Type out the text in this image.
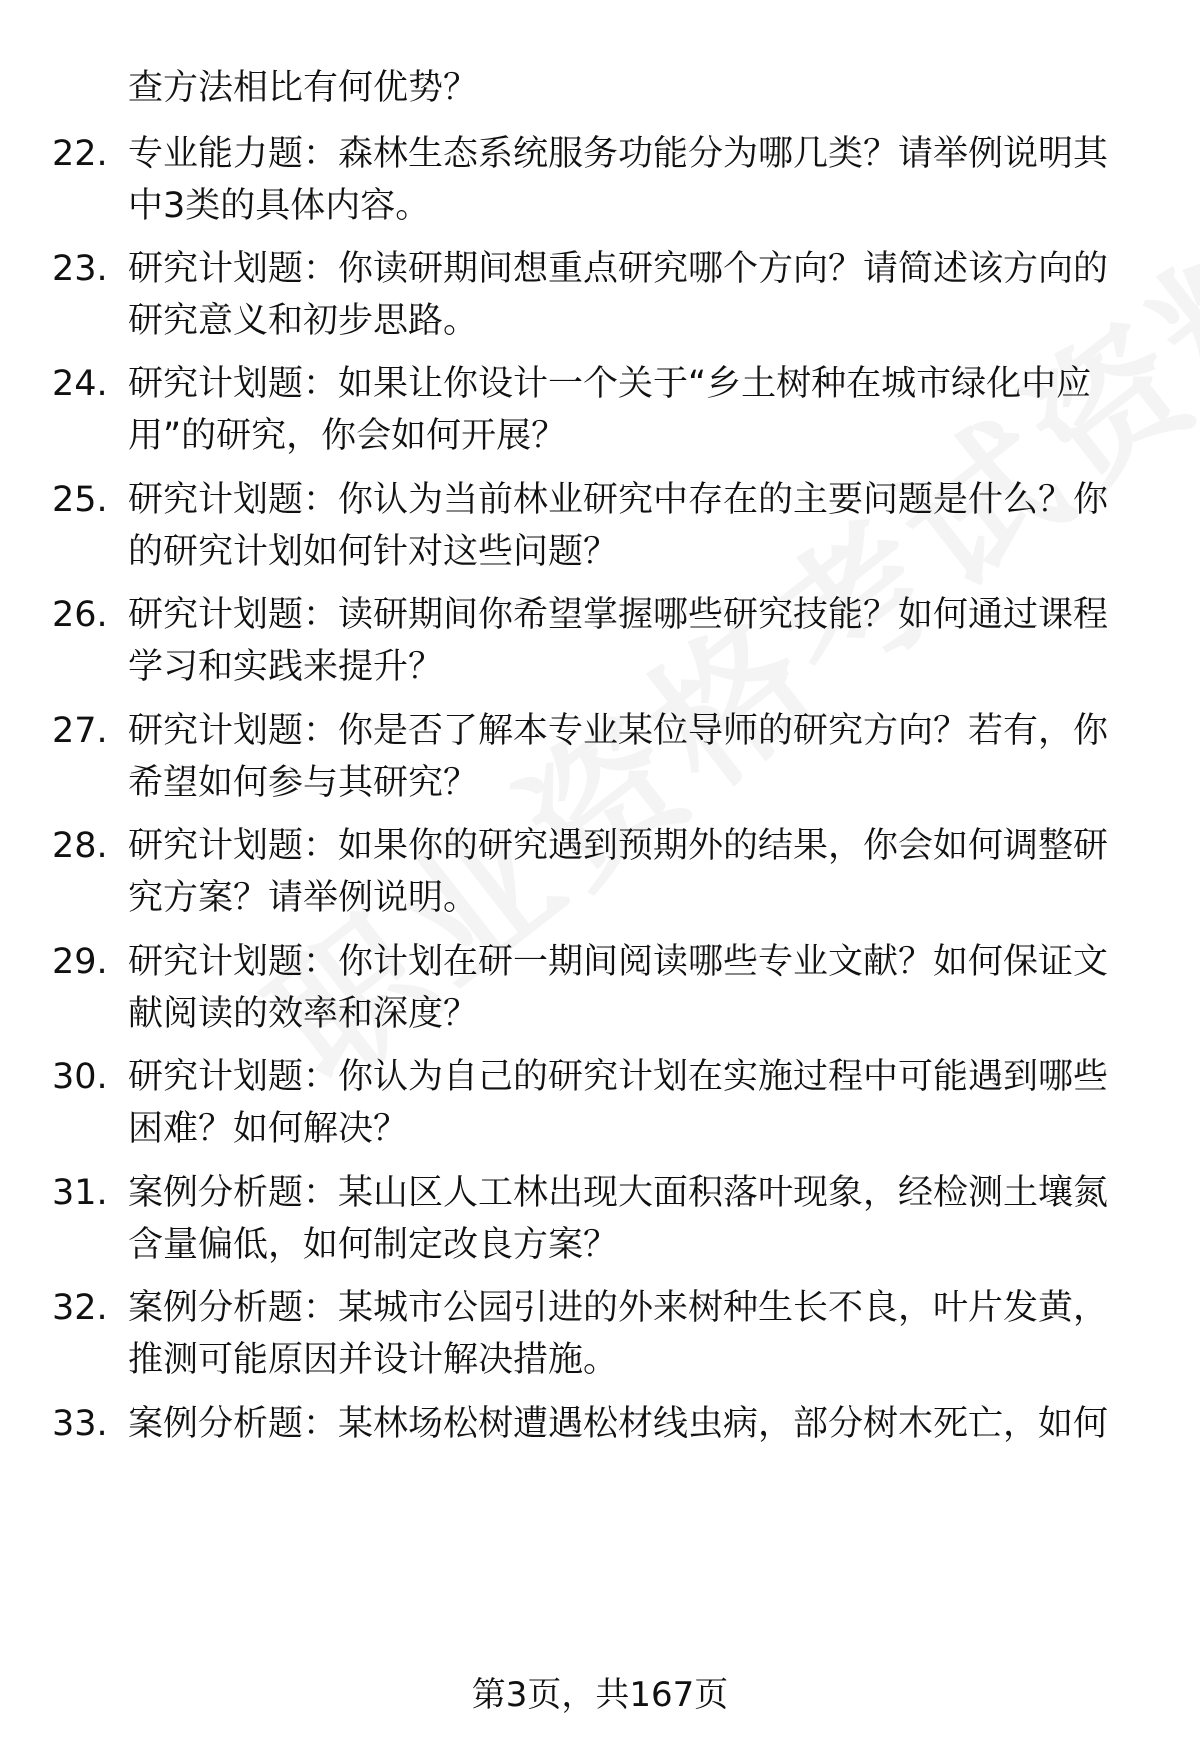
查方法相比有何优势？
22. 专业能力题：森林生态系统服务功能分为哪几类？请举例说明其
中3类的具体内容。
23. 研究计划题：你读研期间想重点研究哪个方向？请简述该方向的
研究意义和初步思路。
24. 研究计划题：如果让你设计一个关于“乡土树种在城市绿化中应
用”的研究，你会如何开展？
25. 研究计划题：你认为当前林业研究中存在的主要问题是什么？你
的研究计划如何针对这些问题？
26. 研究计划题：读研期间你希望掌握哪些研究技能？如何通过课程
学习和实践来提升？
27. 研究计划题：你是否了解本专业某位导师的研究方向？若有，你
希望如何参与其研究？
28. 研究计划题：如果你的研究遇到预期外的结果，你会如何调整研
究方案？请举例说明。
29. 研究计划题：你计划在研一期间阅读哪些专业文献？如何保证文
献阅读的效率和深度？
30. 研究计划题：你认为自己的研究计划在实施过程中可能遇到哪些
困难？如何解决？
31. 案例分析题：某山区人工林出现大面积落叶现象，经检测土壤氮
含量偏低，如何制定改良方案？
32. 案例分析题：某城市公园引进的外来树种生长不良，叶片发黄，
推测可能原因并设计解决措施。
33. 案例分析题：某林场松树遭遇松材线虫病，部分树木死亡，如何
第3页，共167页
